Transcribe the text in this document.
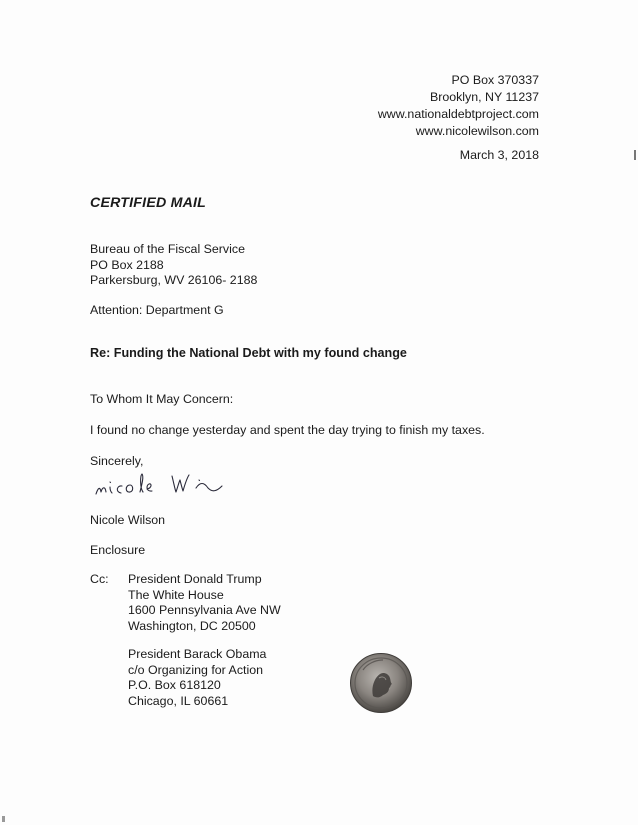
PO Box 370337
Brooklyn, NY 11237
www.nationaldebtproject.com
www.nicolewilson.com
March 3, 2018
CERTIFIED MAIL
Bureau of the Fiscal Service
PO Box 2188
Parkersburg, WV 26106- 2188
Attention: Department G
Re: Funding the National Debt with my found change
To Whom It May Concern:
I found no change yesterday and spent the day trying to finish my taxes.
Sincerely,
Nicole Wilson
Enclosure
Cc: President Donald Trump
The White House
1600 Pennsylvania Ave NW
Washington, DC 20500
President Barack Obama
c/o Organizing for Action
P.O. Box 618120
Chicago, IL 60661
